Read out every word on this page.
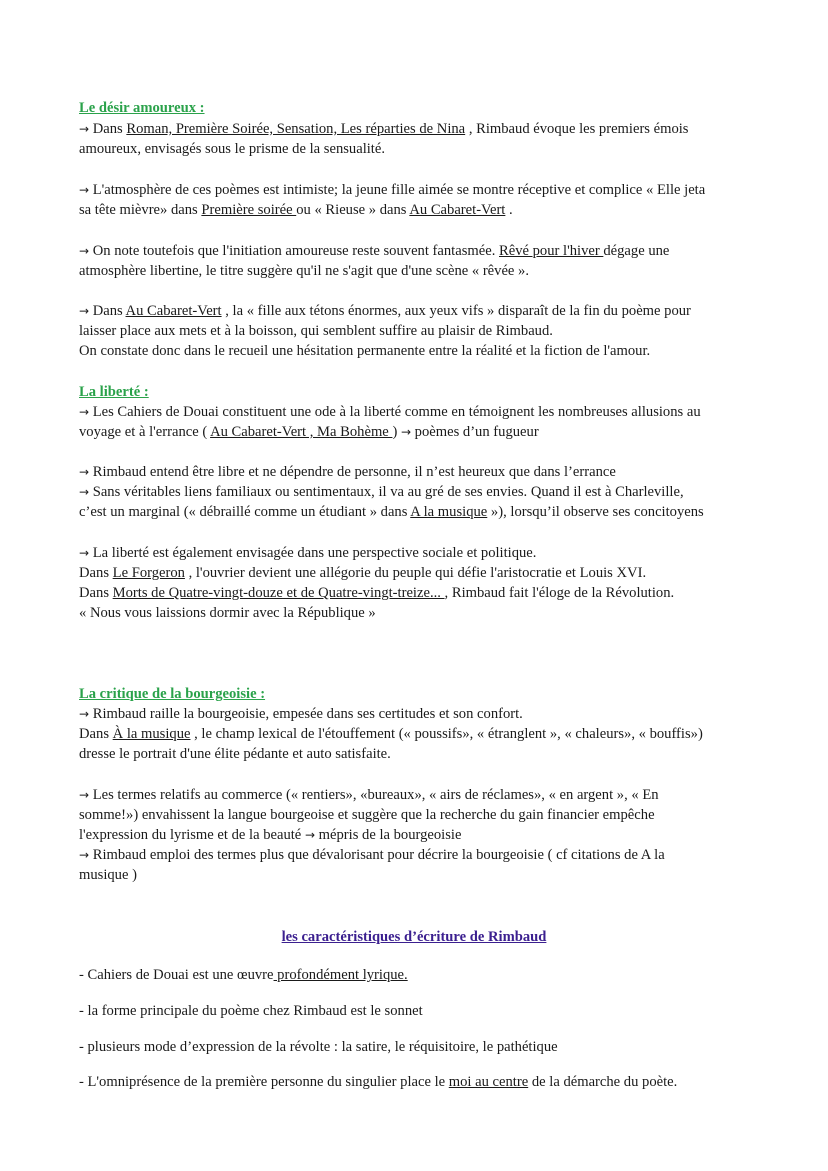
Le désir amoureux :
→ Dans Roman, Première Soirée, Sensation, Les réparties de Nina , Rimbaud évoque les premiers émois
amoureux, envisagés sous le prisme de la sensualité.
→ L'atmosphère de ces poèmes est intimiste; la jeune fille aimée se montre réceptive et complice « Elle jeta
sa tête mièvre» dans Première soirée ou « Rieuse » dans Au Cabaret-Vert .
→ On note toutefois que l'initiation amoureuse reste souvent fantasmée. Rêvé pour l'hiver dégage une
atmosphère libertine, le titre suggère qu'il ne s'agit que d'une scène « rêvée ».
→ Dans Au Cabaret-Vert , la « fille aux tétons énormes, aux yeux vifs » disparaît de la fin du poème pour
laisser place aux mets et à la boisson, qui semblent suffire au plaisir de Rimbaud.
On constate donc dans le recueil une hésitation permanente entre la réalité et la fiction de l'amour.
La liberté :
→ Les Cahiers de Douai constituent une ode à la liberté comme en témoignent les nombreuses allusions au
voyage et à l'errance ( Au Cabaret-Vert , Ma Bohème ) → poèmes d’un fugueur
→ Rimbaud entend être libre et ne dépendre de personne, il n’est heureux que dans l’errance
→ Sans véritables liens familiaux ou sentimentaux, il va au gré de ses envies. Quand il est à Charleville,
c’est un marginal (« débraillé comme un étudiant » dans A la musique »), lorsqu’il observe ses concitoyens
→ La liberté est également envisagée dans une perspective sociale et politique.
Dans Le Forgeron , l'ouvrier devient une allégorie du peuple qui défie l'aristocratie et Louis XVI.
Dans Morts de Quatre-vingt-douze et de Quatre-vingt-treize... , Rimbaud fait l'éloge de la Révolution.
« Nous vous laissions dormir avec la République »
La critique de la bourgeoisie :
→ Rimbaud raille la bourgeoisie, empesée dans ses certitudes et son confort.
Dans À la musique , le champ lexical de l'étouffement (« poussifs», « étranglent », « chaleurs», « bouffis»)
dresse le portrait d'une élite pédante et auto satisfaite.
→ Les termes relatifs au commerce (« rentiers», «bureaux», « airs de réclames», « en argent », « En
somme!») envahissent la langue bourgeoise et suggère que la recherche du gain financier empêche
l'expression du lyrisme et de la beauté → mépris de la bourgeoisie
→ Rimbaud emploi des termes plus que dévalorisant pour décrire la bourgeoisie ( cf citations de A la
musique )
les caractéristiques d’écriture de Rimbaud
- Cahiers de Douai est une œuvre profondément lyrique.
- la forme principale du poème chez Rimbaud est le sonnet
- plusieurs mode d’expression de la révolte : la satire, le réquisitoire, le pathétique
- L'omniprésence de la première personne du singulier place le moi au centre de la démarche du poète.
